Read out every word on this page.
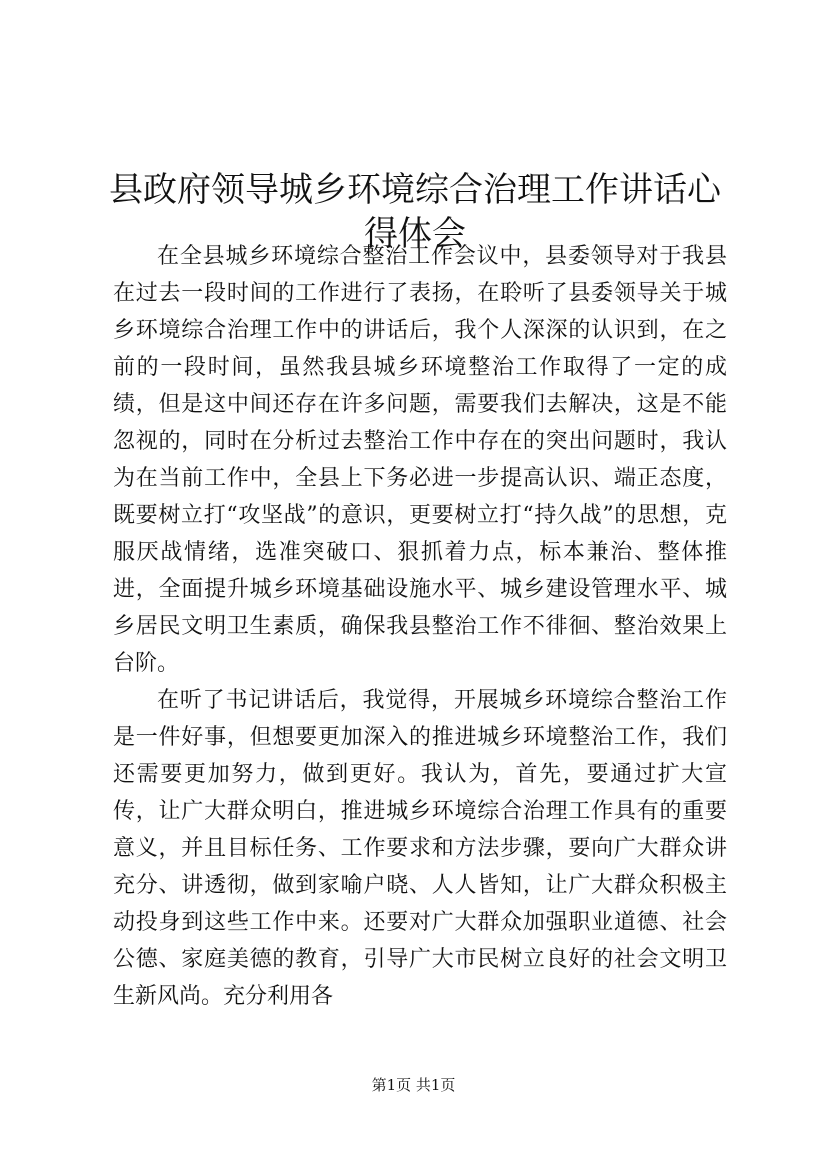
县政府领导城乡环境综合治理工作讲话心得体会

在全县城乡环境综合整治工作会议中，县委领导对于我县在过去一段时间的工作进行了表扬，在聆听了县委领导关于城乡环境综合治理工作中的讲话后，我个人深深的认识到，在之前的一段时间，虽然我县城乡环境整治工作取得了一定的成绩，但是这中间还存在许多问题，需要我们去解决，这是不能忽视的，同时在分析过去整治工作中存在的突出问题时，我认为在当前工作中，全县上下务必进一步提高认识、端正态度，既要树立打“攻坚战”的意识，更要树立打“持久战”的思想，克服厌战情绪，选准突破口、狠抓着力点，标本兼治、整体推进，全面提升城乡环境基础设施水平、城乡建设管理水平、城乡居民文明卫生素质，确保我县整治工作不徘徊、整治效果上台阶。

在听了书记讲话后，我觉得，开展城乡环境综合整治工作是一件好事，但想要更加深入的推进城乡环境整治工作，我们还需要更加努力，做到更好。我认为，首先，要通过扩大宣传，让广大群众明白，推进城乡环境综合治理工作具有的重要意义，并且目标任务、工作要求和方法步骤，要向广大群众讲充分、讲透彻，做到家喻户晓、人人皆知，让广大群众积极主动投身到这些工作中来。还要对广大群众加强职业道德、社会公德、家庭美德的教育，引导广大市民树立良好的社会文明卫生新风尚。充分利用各

第1页 共1页
